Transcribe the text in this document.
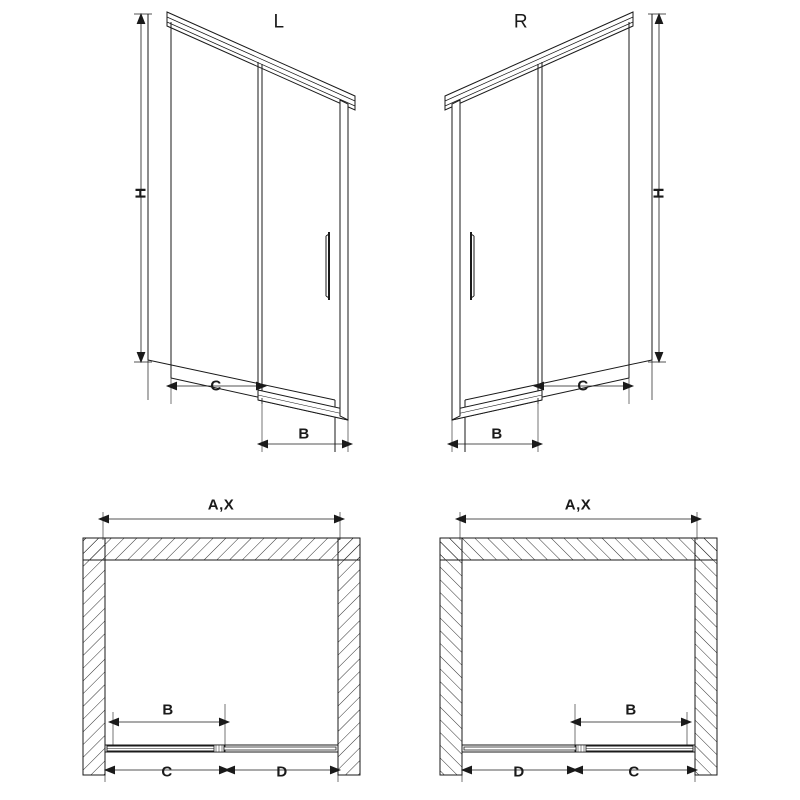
L	R
H	H
C
B
C
B
A,X	A,X
B
C	D
B
D	C
